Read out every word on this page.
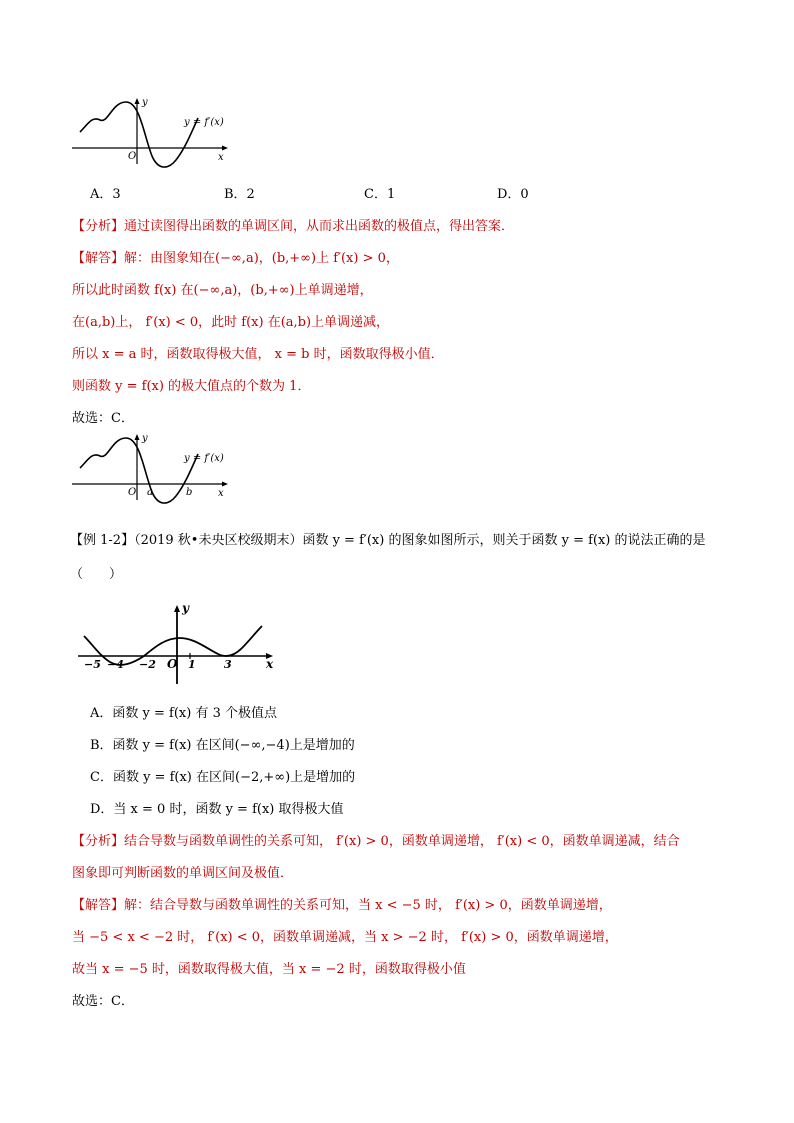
y
x
O
y = f′(x)
A．3	B．2	C．1	D．0
【分析】通过读图得出函数的单调区间，从而求出函数的极值点，得出答案．
【解答】解：由图象知在(−∞,a)，(b,+∞)上 f′(x) > 0，
所以此时函数 f(x) 在(−∞,a)，(b,+∞)上单调递增，
在(a,b)上， f′(x) < 0，此时 f(x) 在(a,b)上单调递减，
所以 x = a 时，函数取得极大值， x = b 时，函数取得极小值．
则函数 y = f(x) 的极大值点的个数为 1．
故选：C．
y
x
O a	b
y = f′(x)
【例 1-2】（2019 秋•未央区校级期末）函数 y = f′(x) 的图象如图所示，则关于函数 y = f(x) 的说法正确的是
（　　）
y
x
O
−5 −4 −2	1	3
A．函数 y = f(x) 有 3 个极值点
B．函数 y = f(x) 在区间(−∞,−4)上是增加的
C．函数 y = f(x) 在区间(−2,+∞)上是增加的
D．当 x = 0 时，函数 y = f(x) 取得极大值
【分析】结合导数与函数单调性的关系可知， f′(x) > 0，函数单调递增， f′(x) < 0，函数单调递减，结合
图象即可判断函数的单调区间及极值．
【解答】解：结合导数与函数单调性的关系可知，当 x < −5 时， f′(x) > 0，函数单调递增，
当 −5 < x < −2 时， f′(x) < 0，函数单调递减，当 x > −2 时， f′(x) > 0，函数单调递增，
故当 x = −5 时，函数取得极大值，当 x = −2 时，函数取得极小值
故选：C．
